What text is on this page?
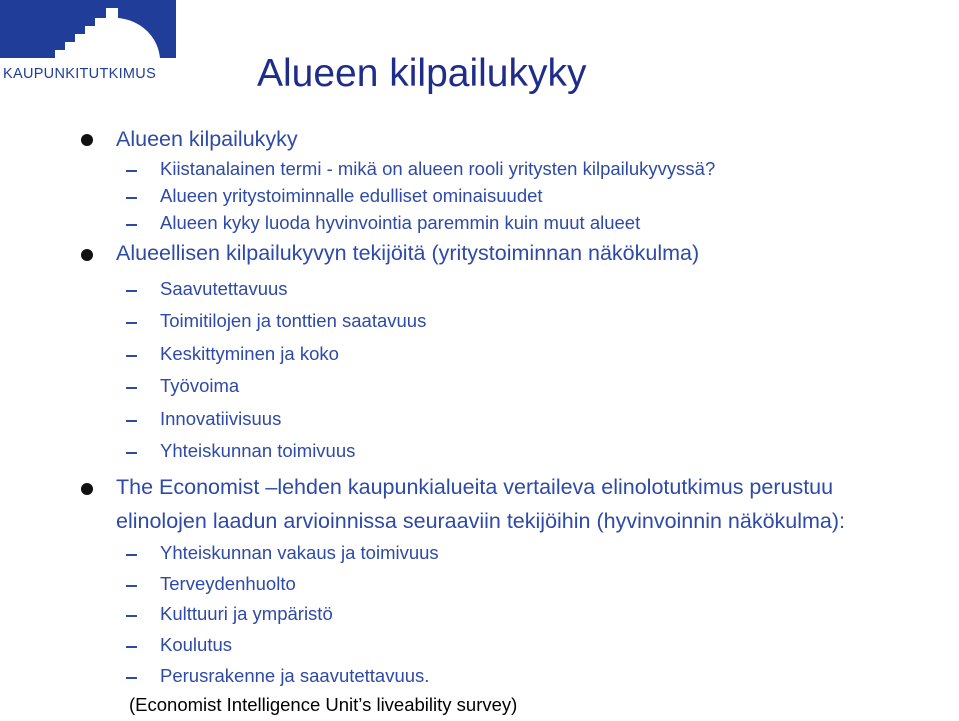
KAUPUNKITUTKIMUS	Alueen kilpailukyky
Alueen kilpailukyky
Kiistanalainen termi - mikä on alueen rooli yritysten kilpailukyvyssä?
Alueen yritystoiminnalle edulliset ominaisuudet
Alueen kyky luoda hyvinvointia paremmin kuin muut alueet
Alueellisen kilpailukyvyn tekijöitä (yritystoiminnan näkökulma)
Saavutettavuus
Toimitilojen ja tonttien saatavuus
Keskittyminen ja koko
Työvoima
Innovatiivisuus
Yhteiskunnan toimivuus
The Economist –lehden kaupunkialueita vertaileva elinolotutkimus perustuu
elinolojen laadun arvioinnissa seuraaviin tekijöihin (hyvinvoinnin näkökulma):
Yhteiskunnan vakaus ja toimivuus
Terveydenhuolto
Kulttuuri ja ympäristö
Koulutus
Perusrakenne ja saavutettavuus.
(Economist Intelligence Unit’s liveability survey)
